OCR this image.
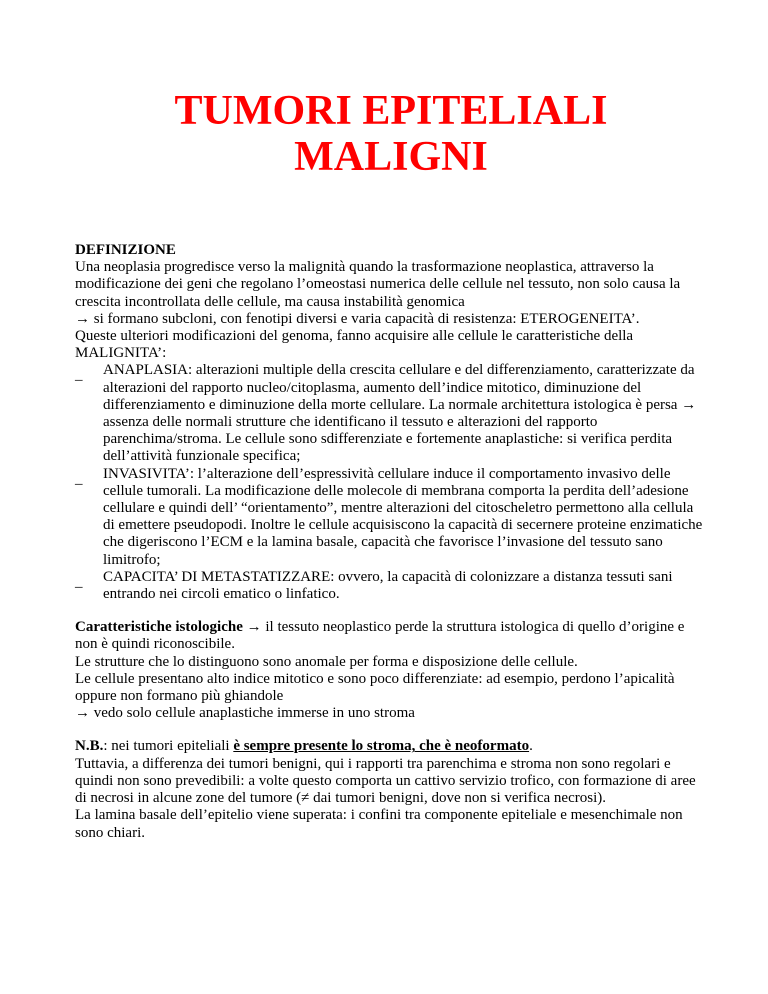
TUMORI EPITELIALI
MALIGNI

DEFINIZIONE

Una neoplasia progredisce verso la malignità quando la trasformazione neoplastica, attraverso la modificazione dei geni che regolano l’omeostasi numerica delle cellule nel tessuto, non solo causa la crescita incontrollata delle cellule, ma causa instabilità genomica

→ si formano subcloni, con fenotipi diversi e varia capacità di resistenza: ETEROGENEITA’.

Queste ulteriori modificazioni del genoma, fanno acquisire alle cellule le caratteristiche della MALIGNITA’:

_ ANAPLASIA: alterazioni multiple della crescita cellulare e del differenziamento, caratterizzate da alterazioni del rapporto nucleo/citoplasma, aumento dell’indice mitotico, diminuzione del differenziamento e diminuzione della morte cellulare. La normale architettura istologica è persa → assenza delle normali strutture che identificano il tessuto e alterazioni del rapporto parenchima/stroma. Le cellule sono sdifferenziate e fortemente anaplastiche: si verifica perdita dell’attività funzionale specifica;
_ INVASIVITA’: l’alterazione dell’espressività cellulare induce il comportamento invasivo delle cellule tumorali. La modificazione delle molecole di membrana comporta la perdita dell’adesione cellulare e quindi dell’ “orientamento”, mentre alterazioni del citoscheletro permettono alla cellula di emettere pseudopodi. Inoltre le cellule acquisiscono la capacità di secernere proteine enzimatiche che digeriscono l’ECM e la lamina basale, capacità che favorisce l’invasione del tessuto sano limitrofo;
_ CAPACITA’ DI METASTATIZZARE: ovvero, la capacità di colonizzare a distanza tessuti sani entrando nei circoli ematico o linfatico.

Caratteristiche istologiche → il tessuto neoplastico perde la struttura istologica di quello d’origine e non è quindi riconoscibile.

Le strutture che lo distinguono sono anomale per forma e disposizione delle cellule.

Le cellule presentano alto indice mitotico e sono poco differenziate: ad esempio, perdono l’apicalità oppure non formano più ghiandole

→ vedo solo cellule anaplastiche immerse in uno stroma

N.B.: nei tumori epiteliali è sempre presente lo stroma, che è neoformato.

Tuttavia, a differenza dei tumori benigni, qui i rapporti tra parenchima e stroma non sono regolari e quindi non sono prevedibili: a volte questo comporta un cattivo servizio trofico, con formazione di aree di necrosi in alcune zone del tumore (≠ dai tumori benigni, dove non si verifica necrosi).

La lamina basale dell’epitelio viene superata: i confini tra componente epiteliale e mesenchimale non sono chiari.
